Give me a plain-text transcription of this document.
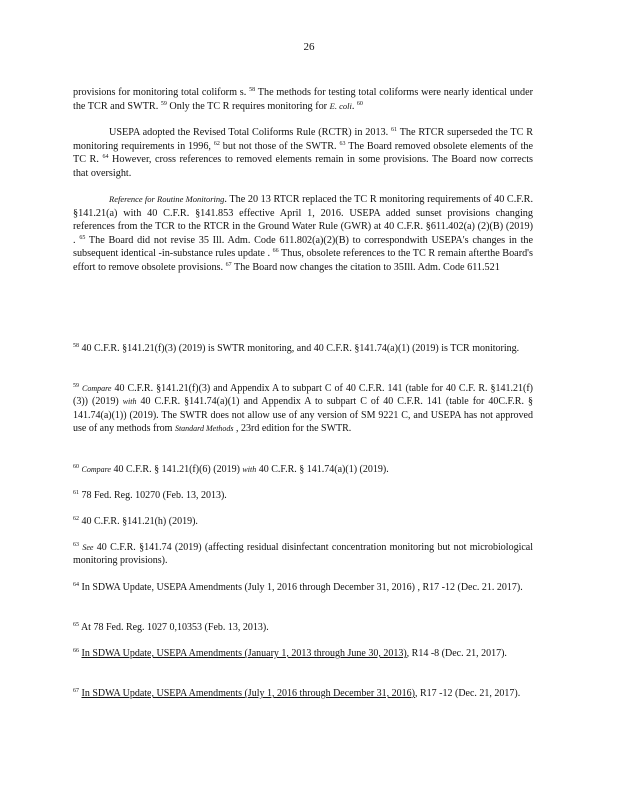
26

provisions for monitoring total coliform s. $^{58}$ The methods for testing total coliforms were nearly identical under the TCR and SWTR. $^{59}$ Only the TC R requires monitoring for E. coli. $^{60}$

USEPA adopted the Revised Total Coliforms Rule (RCTR) in 2013. $^{61}$ The RTCR superseded the TC R monitoring requirements in 1996, $^{62}$ but not those of the SWTR. $^{63}$ The Board removed obsolete elements of the TC R. $^{64}$ However, cross references to removed elements remain in some provisions. The Board now corrects that oversight.

Reference for Routine Monitoring. The 20 13 RTCR replaced the TC R monitoring requirements of 40 C.F.R. §141.21(a) with 40 C.F.R. §141.853 effective April 1, 2016. USEPA added sunset provisions changing references from the TCR to the RTCR in the Ground Water Rule (GWR) at 40 C.F.R. §611.402(a) (2)(B) (2019) . $^{65}$ The Board did not revise 35 Ill. Adm. Code 611.802(a)(2)(B) to correspondwith USEPA's changes in the subsequent identical -in-substance rules update . $^{66}$ Thus, obsolete references to the TC R remain afterthe Board's effort to remove obsolete provisions. $^{67}$ The Board now changes the citation to 35Ill. Adm. Code 611.521

$^{58}$ 40 C.F.R. §141.21(f)(3) (2019) is SWTR monitoring, and 40 C.F.R. §141.74(a)(1) (2019) is TCR monitoring.

$^{59}$ Compare 40 C.F.R. §141.21(f)(3) and Appendix A to subpart C of 40 C.F.R. 141 (table for 40 C.F. R. §141.21(f)(3)) (2019) with 40 C.F.R. §141.74(a)(1) and Appendix A to subpart C of 40 C.F.R. 141 (table for 40C.F.R. § 141.74(a)(1)) (2019). The SWTR does not allow use of any version of SM 9221 C, and USEPA has not approved use of any methods from Standard Methods , 23rd edition for the SWTR.

$^{60}$ Compare 40 C.F.R. § 141.21(f)(6) (2019) with 40 C.F.R. § 141.74(a)(1) (2019).

$^{61}$ 78 Fed. Reg. 10270 (Feb. 13, 2013).

$^{62}$ 40 C.F.R. §141.21(h) (2019).

$^{63}$ See 40 C.F.R. §141.74 (2019) (affecting residual disinfectant concentration monitoring but not microbiological monitoring provisions).

$^{64}$ In SDWA Update, USEPA Amendments (July 1, 2016 through December 31, 2016) , R17 -12 (Dec. 21. 2017).

$^{65}$ At 78 Fed. Reg. 1027 0,10353 (Feb. 13, 2013).

$^{66}$ In SDWA Update, USEPA Amendments (January 1, 2013 through June 30, 2013), R14 -8 (Dec. 21, 2017).

$^{67}$ In SDWA Update, USEPA Amendments (July 1, 2016 through December 31, 2016), R17 -12 (Dec. 21, 2017).
